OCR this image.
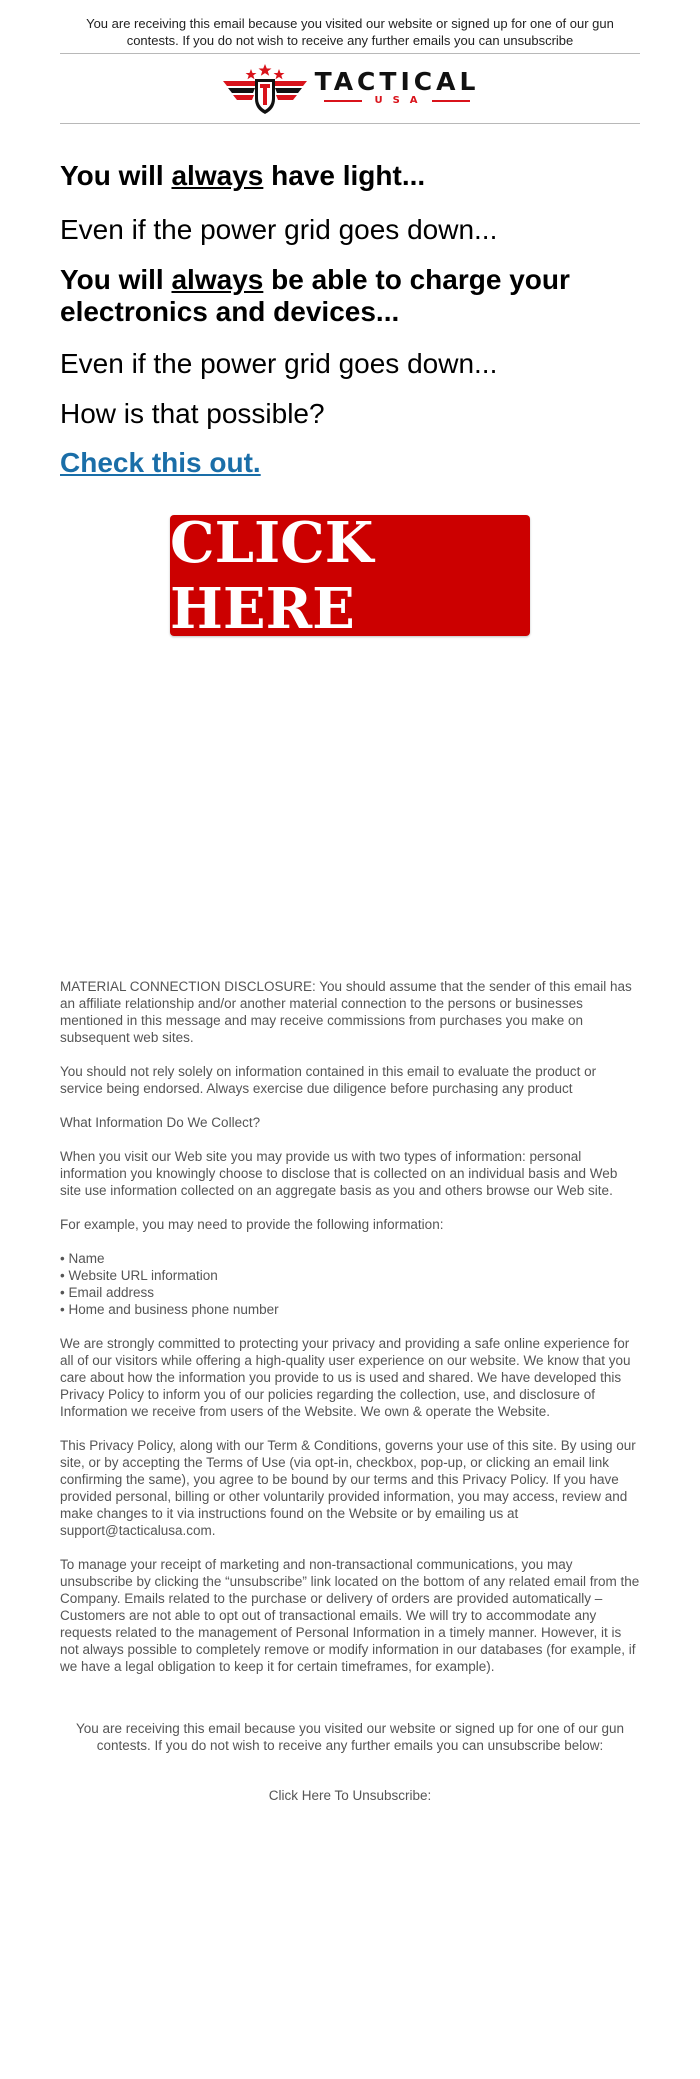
You are receiving this email because you visited our website or signed up for one of our gun contests. If you do not wish to receive any further emails you can unsubscribe
TACTICAL
USA
You will always have light...

Even if the power grid goes down...

You will always be able to charge your electronics and devices...

Even if the power grid goes down...

How is that possible?

Check this out.
CLICK HERE

MATERIAL CONNECTION DISCLOSURE: You should assume that the sender of this email has an affiliate relationship and/or another material connection to the persons or businesses mentioned in this message and may receive commissions from purchases you make on subsequent web sites.

You should not rely solely on information contained in this email to evaluate the product or service being endorsed. Always exercise due diligence before purchasing any product

What Information Do We Collect?

When you visit our Web site you may provide us with two types of information: personal information you knowingly choose to disclose that is collected on an individual basis and Web site use information collected on an aggregate basis as you and others browse our Web site.

For example, you may need to provide the following information:

• Name
• Website URL information
• Email address
• Home and business phone number

We are strongly committed to protecting your privacy and providing a safe online experience for all of our visitors while offering a high-quality user experience on our website. We know that you care about how the information you provide to us is used and shared. We have developed this Privacy Policy to inform you of our policies regarding the collection, use, and disclosure of Information we receive from users of the Website. We own & operate the Website.

This Privacy Policy, along with our Term & Conditions, governs your use of this site. By using our site, or by accepting the Terms of Use (via opt-in, checkbox, pop-up, or clicking an email link confirming the same), you agree to be bound by our terms and this Privacy Policy. If you have provided personal, billing or other voluntarily provided information, you may access, review and make changes to it via instructions found on the Website or by emailing us at support@tacticalusa.com.

To manage your receipt of marketing and non-transactional communications, you may unsubscribe by clicking the “unsubscribe” link located on the bottom of any related email from the Company. Emails related to the purchase or delivery of orders are provided automatically – Customers are not able to opt out of transactional emails. We will try to accommodate any requests related to the management of Personal Information in a timely manner. However, it is not always possible to completely remove or modify information in our databases (for example, if we have a legal obligation to keep it for certain timeframes, for example).

You are receiving this email because you visited our website or signed up for one of our gun contests. If you do not wish to receive any further emails you can unsubscribe below:
Click Here To Unsubscribe:
